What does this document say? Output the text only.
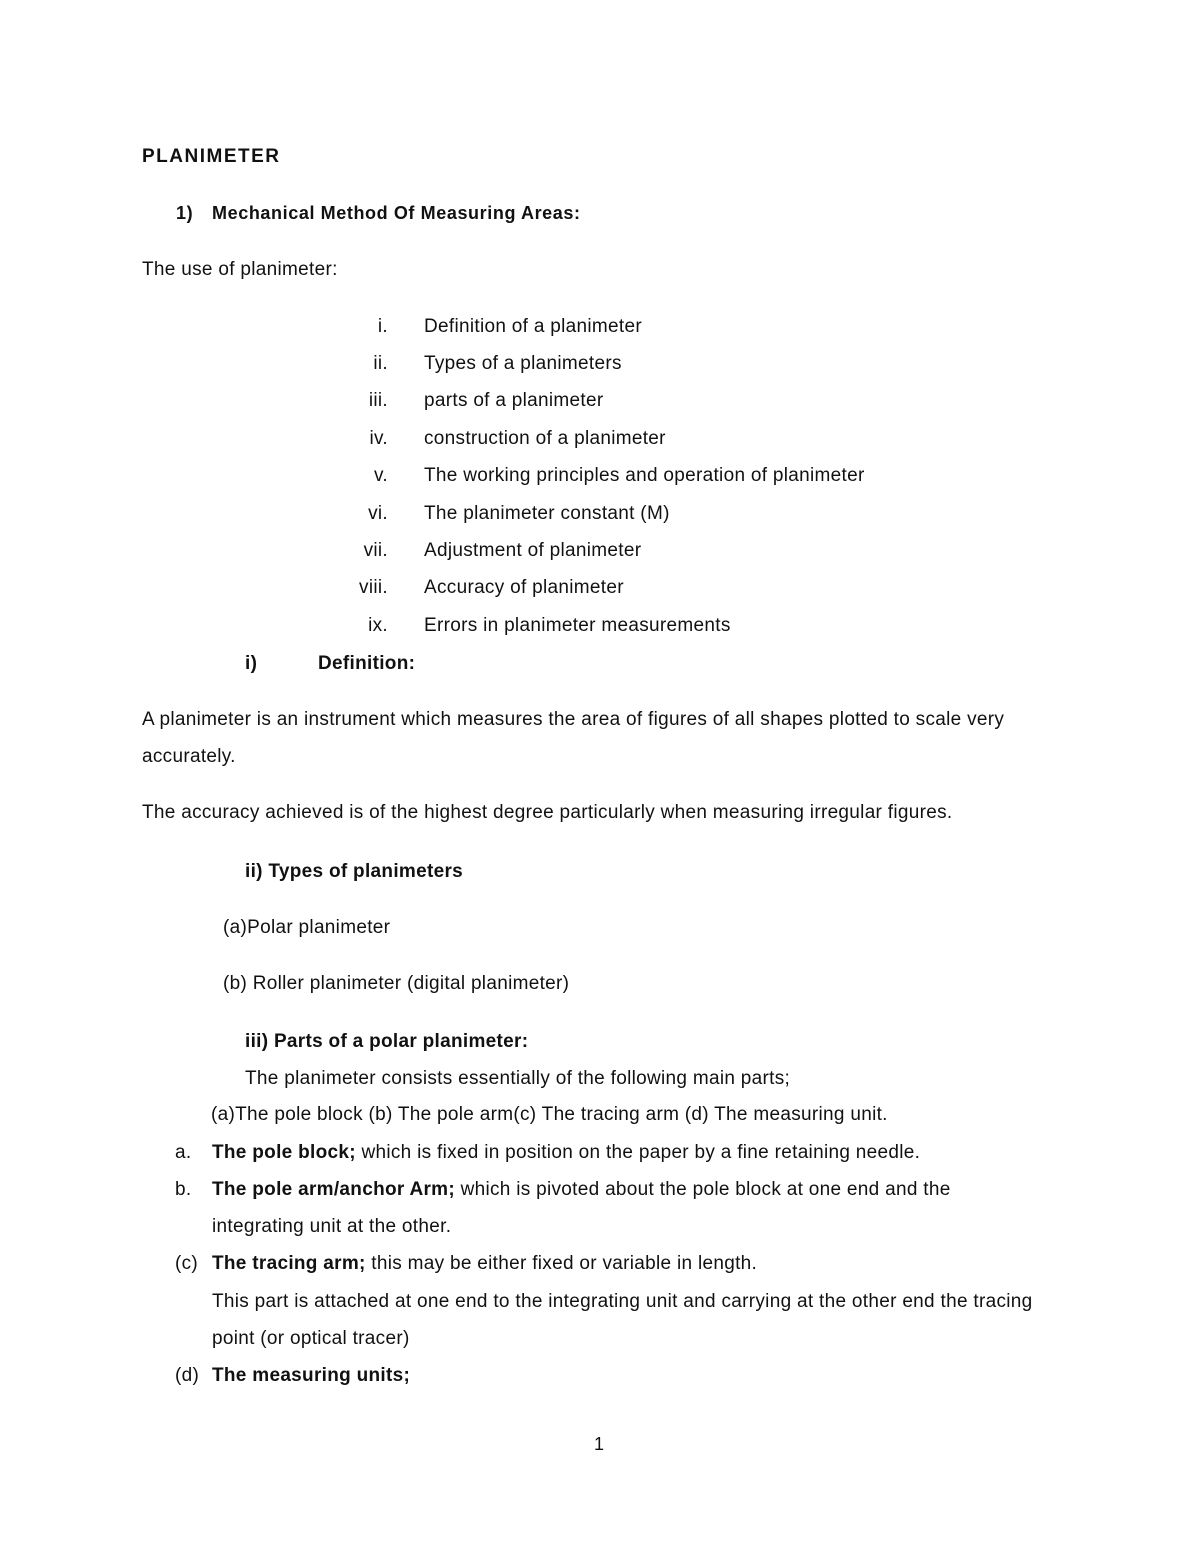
PLANIMETER
1) Mechanical Method Of Measuring Areas:
The use of planimeter:
i. Definition of a planimeter
ii. Types of a planimeters
iii. parts of a planimeter
iv. construction of a planimeter
v. The working principles and operation of planimeter
vi. The planimeter constant (M)
vii. Adjustment of planimeter
viii. Accuracy of planimeter
ix. Errors in planimeter measurements
i)	Definition:
A planimeter is an instrument which measures the area of figures of all shapes plotted to scale very
accurately.
The accuracy achieved is of the highest degree particularly when measuring irregular figures.
ii) Types of planimeters
(a)Polar planimeter
(b) Roller planimeter (digital planimeter)
iii) Parts of a polar planimeter:
The planimeter consists essentially of the following main parts;
(a)The pole block (b) The pole arm(c) The tracing arm (d) The measuring unit.
a. The pole block; which is fixed in position on the paper by a fine retaining needle.
b. The pole arm/anchor Arm; which is pivoted about the pole block at one end and the
integrating unit at the other.
(c) The tracing arm; this may be either fixed or variable in length.
This part is attached at one end to the integrating unit and carrying at the other end the tracing
point (or optical tracer)
(d) The measuring units;
1
